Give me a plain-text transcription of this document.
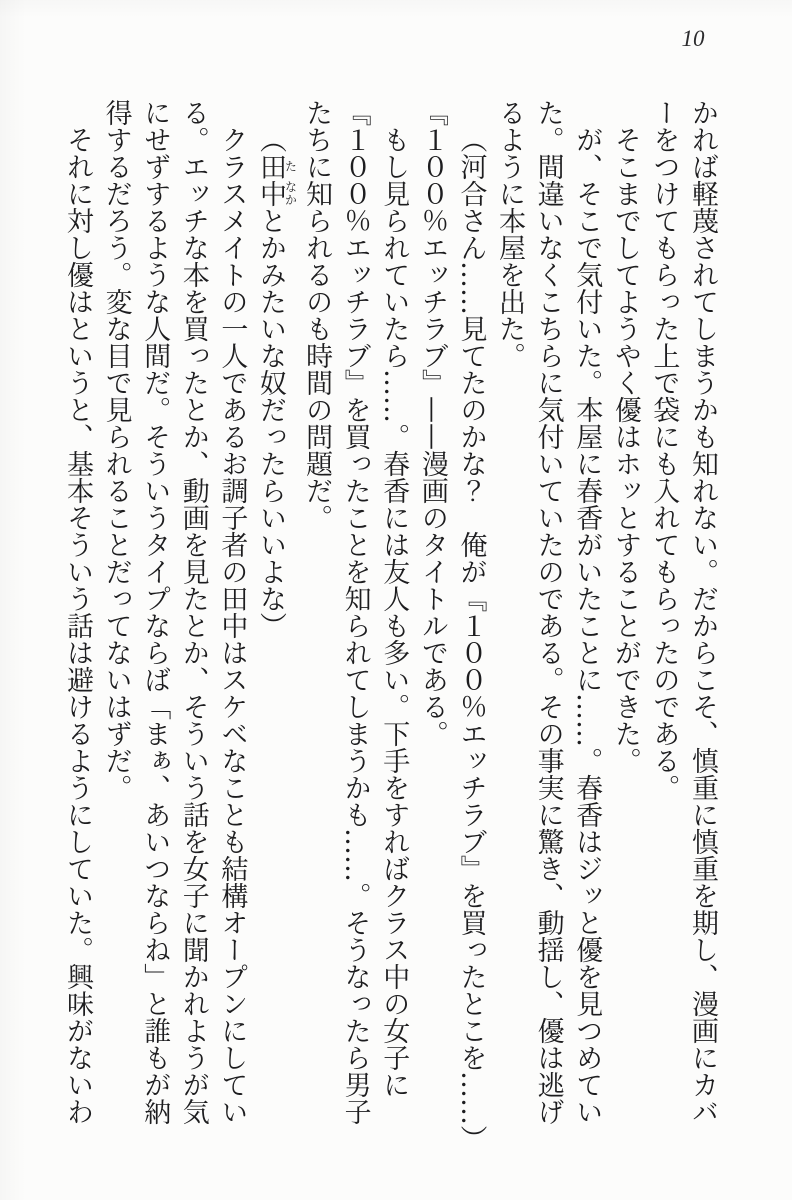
10
かれば軽蔑されてしまうかも知れない。だからこそ、慎重に慎重を期し、漫画にカバ
ーをつけてもらった上で袋にも入れてもらったのである。
そこまでしてようやく優はホッとすることができた。
が、そこで気付いた。本屋に春香がいたことに……。春香はジッと優を見つめてい
た。間違いなくこちらに気付いていたのである。その事実に驚き、動揺し、優は逃げ
るように本屋を出た。
（河合さん……見てたのかな？　俺が『１００％エッチラブ』を買ったとこを……）
『１００％エッチラブ』——漫画のタイトルである。
もし見られていたら……。春香には友人も多い。下手をすればクラス中の女子に
『１００％エッチラブ』を買ったことを知られてしまうかも……。そうなったら男子
たちに知られるのも時間の問題だ。
（田た中なかとかみたいな奴だったらいいよな）
クラスメイトの一人であるお調子者の田中はスケベなことも結構オープンにしてい
る。エッチな本を買ったとか、動画を見たとか、そういう話を女子に聞かれようが気
にせずするような人間だ。そういうタイプならば「まぁ、あいつならね」と誰もが納
得するだろう。変な目で見られることだってないはずだ。
それに対し優はというと、基本そういう話は避けるようにしていた。興味がないわ
